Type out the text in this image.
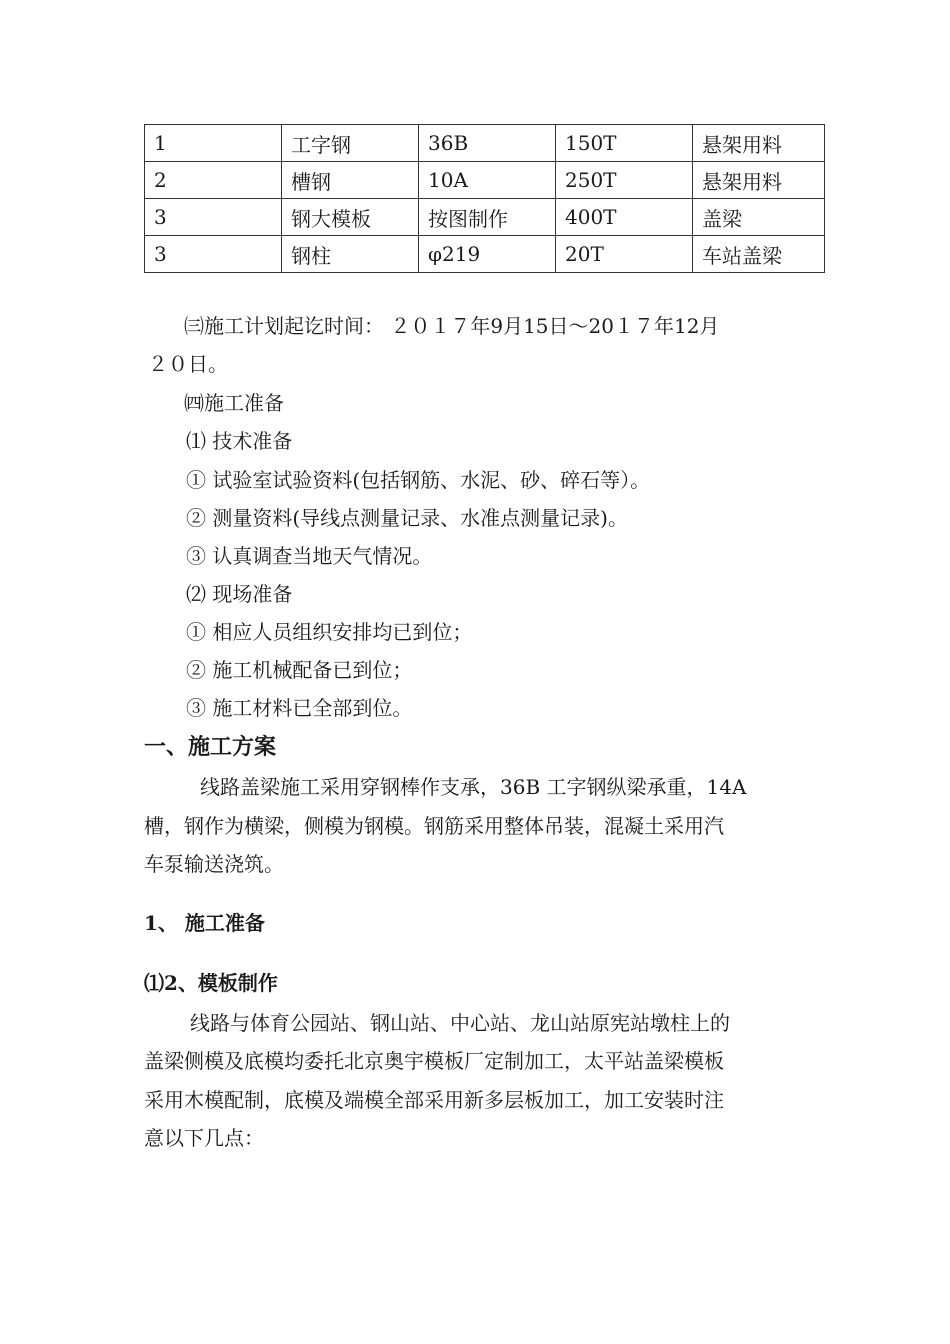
1	工字钢	36B	150T	悬架用料
2	槽钢	10A	250T	悬架用料
3	钢大模板	按图制作	400T	盖梁
3	钢柱	φ219	20T	车站盖梁
㈢施工计划起讫时间： ２０１７年9月15日～20１７年12月
２０日。
㈣施工准备
⑴ 技术准备
① 试验室试验资料(包括钢筋、水泥、砂、碎石等）。
② 测量资料(导线点测量记录、水准点测量记录)。
③ 认真调查当地天气情况。
⑵ 现场准备
① 相应人员组织安排均已到位；
② 施工机械配备已到位；
③ 施工材料已全部到位。
一、施工方案
线路盖梁施工采用穿钢棒作支承，36B 工字钢纵梁承重，14A
槽，钢作为横梁，侧模为钢模。钢筋采用整体吊装，混凝土采用汽
车泵输送浇筑。
1、 施工准备
⑴2、模板制作
线路与体育公园站、钢山站、中心站、龙山站原宪站墩柱上的
盖梁侧模及底模均委托北京奥宇模板厂定制加工，太平站盖梁模板
采用木模配制，底模及端模全部采用新多层板加工，加工安装时注
意以下几点：
